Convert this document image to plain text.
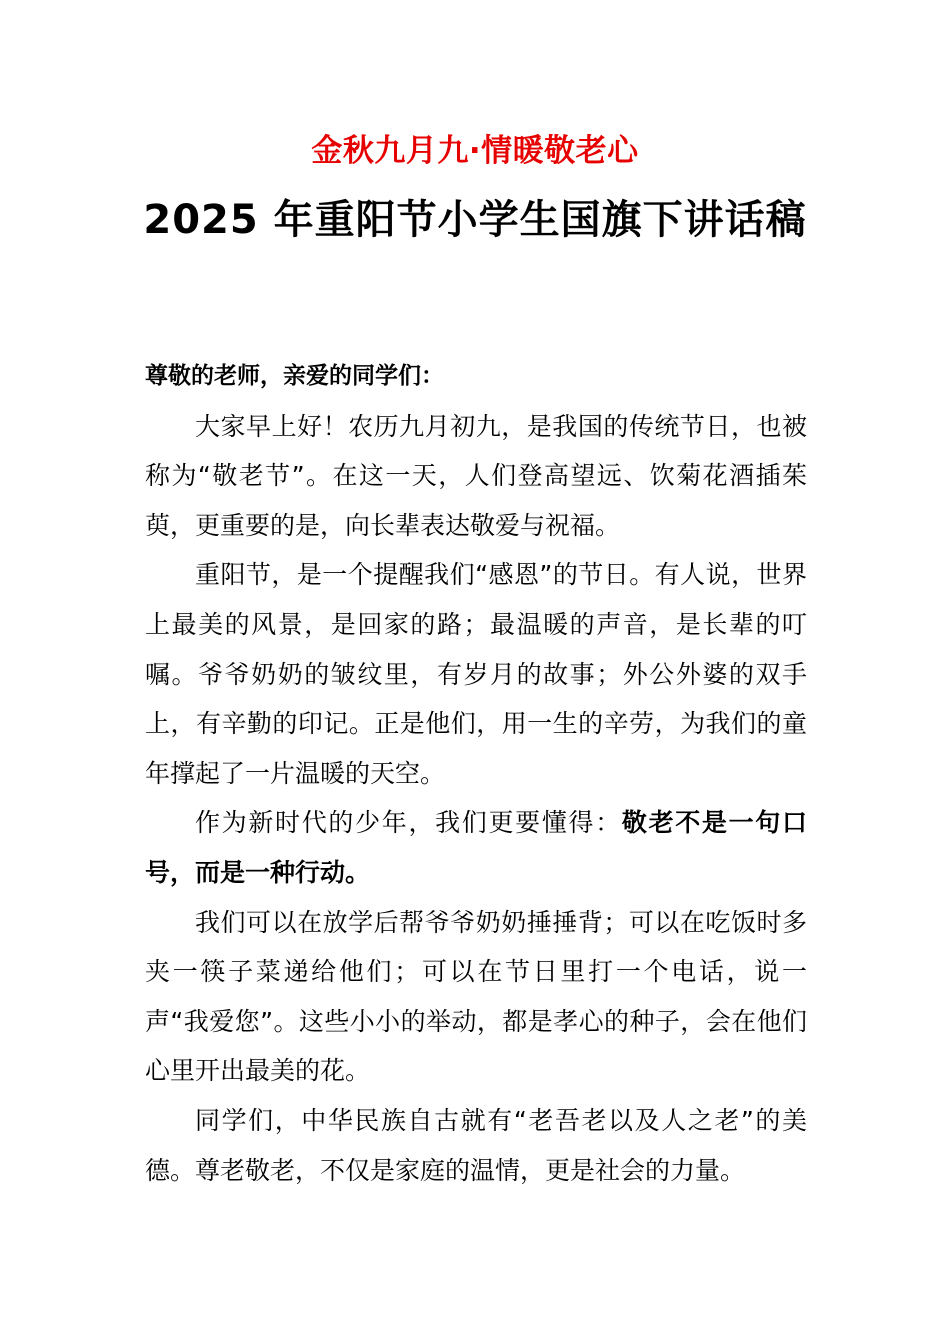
金秋九月九·情暖敬老心
2025 年重阳节小学生国旗下讲话稿

尊敬的老师，亲爱的同学们：

大家早上好！农历九月初九，是我国的传统节日，也被称为“敬老节”。在这一天，人们登高望远、饮菊花酒插茱萸，更重要的是，向长辈表达敬爱与祝福。

重阳节，是一个提醒我们“感恩”的节日。有人说，世界上最美的风景，是回家的路；最温暖的声音，是长辈的叮嘱。爷爷奶奶的皱纹里，有岁月的故事；外公外婆的双手上，有辛勤的印记。正是他们，用一生的辛劳，为我们的童年撑起了一片温暖的天空。

作为新时代的少年，我们更要懂得：敬老不是一句口号，而是一种行动。

我们可以在放学后帮爷爷奶奶捶捶背；可以在吃饭时多夹一筷子菜递给他们；可以在节日里打一个电话，说一声“我爱您”。这些小小的举动，都是孝心的种子，会在他们心里开出最美的花。

同学们，中华民族自古就有“老吾老以及人之老”的美德。尊老敬老，不仅是家庭的温情，更是社会的力量。
